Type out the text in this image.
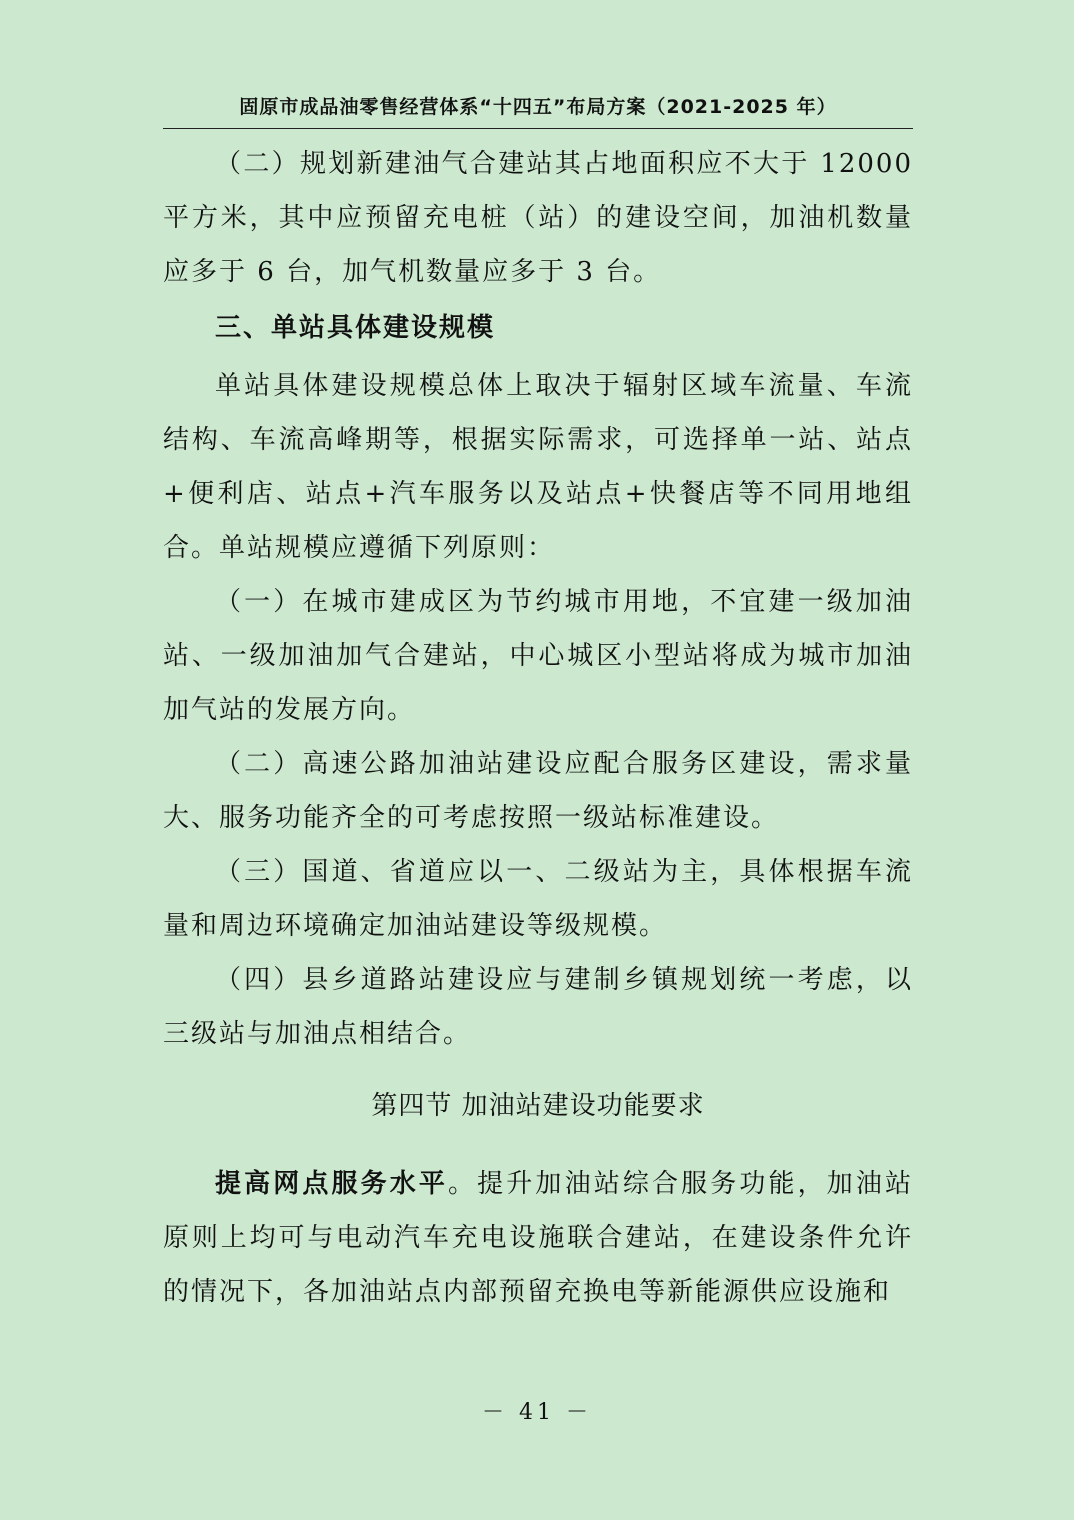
固原市成品油零售经营体系“十四五”布局方案（2021-2025 年）

（二）规划新建油气合建站其占地面积应不大于 12000 平方米，其中应预留充电桩（站）的建设空间，加油机数量应多于 6 台，加气机数量应多于 3 台。

三、单站具体建设规模

单站具体建设规模总体上取决于辐射区域车流量、车流结构、车流高峰期等，根据实际需求，可选择单一站、站点+便利店、站点+汽车服务以及站点+快餐店等不同用地组合。单站规模应遵循下列原则：

（一）在城市建成区为节约城市用地，不宜建一级加油站、一级加油加气合建站，中心城区小型站将成为城市加油加气站的发展方向。

（二）高速公路加油站建设应配合服务区建设，需求量大、服务功能齐全的可考虑按照一级站标准建设。

（三）国道、省道应以一、二级站为主，具体根据车流量和周边环境确定加油站建设等级规模。

（四）县乡道路站建设应与建制乡镇规划统一考虑，以三级站与加油点相结合。

第四节 加油站建设功能要求

提高网点服务水平。提升加油站综合服务功能，加油站原则上均可与电动汽车充电设施联合建站，在建设条件允许的情况下，各加油站点内部预留充换电等新能源供应设施和

－ 41 －
